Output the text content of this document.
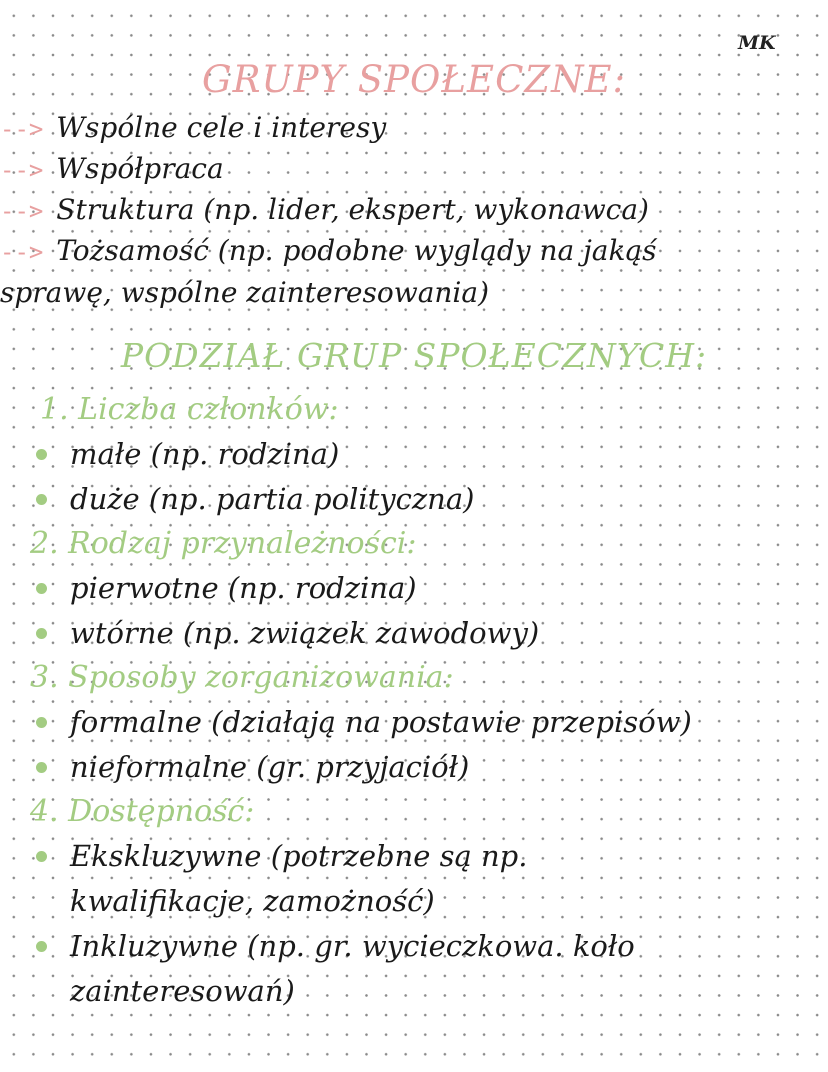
MK
GRUPY SPOŁECZNE:
--> Wspólne cele i interesy
--> Współpraca
--> Struktura (np. lider, ekspert, wykonawca)
--> Tożsamość (np. podobne wyglądy na jakąś
sprawę, wspólne zainteresowania)
PODZIAŁ GRUP SPOŁECZNYCH:
1. Liczba członków:
małe (np. rodzina)
duże (np. partia polityczna)
2. Rodzaj przynależności:
pierwotne (np. rodzina)
wtórne (np. związek zawodowy)
3. Sposoby zorganizowania:
formalne (działają na postawie przepisów)
nieformalne (gr. przyjaciół)
4. Dostępność:
Ekskluzywne (potrzebne są np.
kwalifikacje, zamożność)
Inkluzywne (np. gr. wycieczkowa. koło
zainteresowań)
